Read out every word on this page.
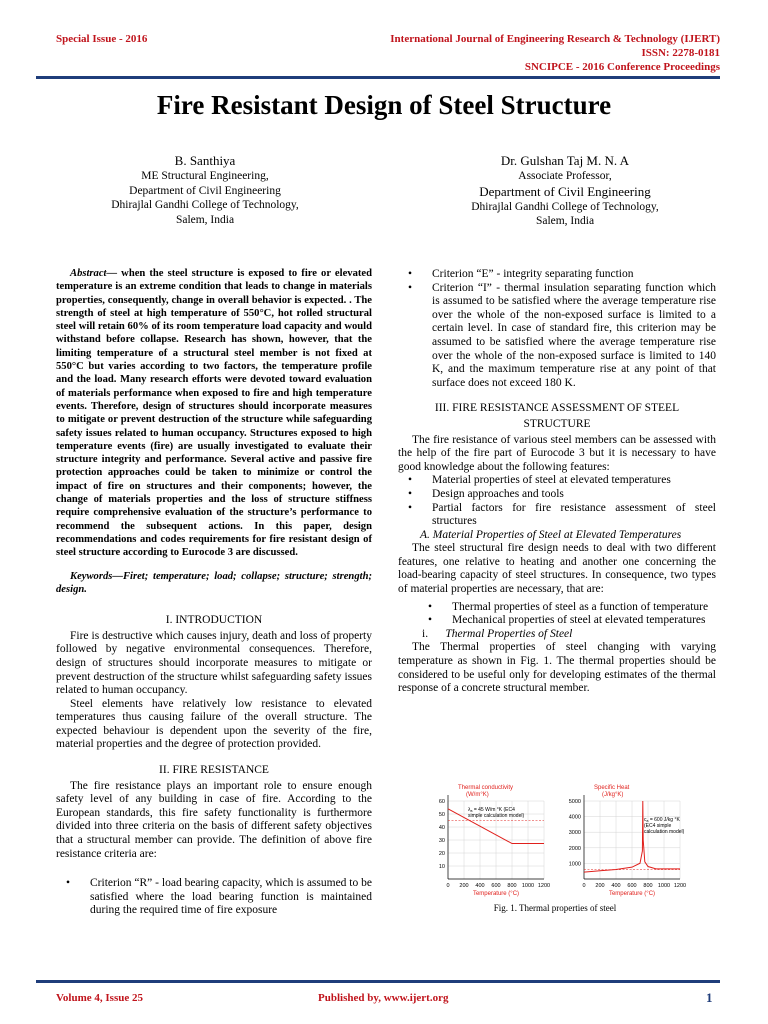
Special Issue - 2016	International Journal of Engineering Research & Technology (IJERT)
ISSN: 2278-0181
SNCIPCE - 2016 Conference Proceedings
Fire Resistant Design of Steel Structure
B. Santhiya
ME Structural Engineering,
Department of Civil Engineering
Dhirajlal Gandhi College of Technology,
Salem, India
Dr. Gulshan Taj M. N. A
Associate Professor,
Department of Civil Engineering
Dhirajlal Gandhi College of Technology,
Salem, India

Abstract— when the steel structure is exposed to fire or elevated temperature is an extreme condition that leads to change in materials properties, consequently, change in overall behavior is expected. . The strength of steel at high temperature of 550°C, hot rolled structural steel will retain 60% of its room temperature load capacity and would withstand before collapse. Research has shown, however, that the limiting temperature of a structural steel member is not fixed at 550°C but varies according to two factors, the temperature profile and the load. Many research efforts were devoted toward evaluation of materials performance when exposed to fire and high temperature events. Therefore, design of structures should incorporate measures to mitigate or prevent destruction of the structure while safeguarding safety issues related to human occupancy. Structures exposed to high temperature events (fire) are usually investigated to evaluate their structure integrity and performance. Several active and passive fire protection approaches could be taken to minimize or control the impact of fire on structures and their components; however, the change of materials properties and the loss of structure stiffness require comprehensive evaluation of the structure’s performance to recommend the subsequent actions. In this paper, design recommendations and codes requirements for fire resistant design of steel structure according to Eurocode 3 are discussed.

Keywords—Firet; temperature; load; collapse; structure; strength; design.

I. INTRODUCTION

Fire is destructive which causes injury, death and loss of property followed by negative environmental consequences. Therefore, design of structures should incorporate measures to mitigate or prevent destruction of the structure whilst safeguarding safety issues related to human occupancy.

Steel elements have relatively low resistance to elevated temperatures thus causing failure of the overall structure. The expected behaviour is dependent upon the severity of the fire, material properties and the degree of protection provided.

II. FIRE RESISTANCE

The fire resistance plays an important role to ensure enough safety level of any building in case of fire. According to the European standards, this fire safety functionality is furthermore divided into three criteria on the basis of different safety objectives that a structural member can provide. The definition of above fire resistance criteria are:

• Criterion “R” - load bearing capacity, which is assumed to be satisfied where the load bearing function is maintained during the required time of fire exposure
• Criterion “E” - integrity separating function
• Criterion “I” - thermal insulation separating function which is assumed to be satisfied where the average temperature rise over the whole of the non-exposed surface is limited to a certain level. In case of standard fire, this criterion may be assumed to be satisfied where the average temperature rise over the whole of the non-exposed surface is limited to 140 K, and the maximum temperature rise at any point of that surface does not exceed 180 K.

III. FIRE RESISTANCE ASSESSMENT OF STEEL

STRUCTURE

The fire resistance of various steel members can be assessed with the help of the fire part of Eurocode 3 but it is necessary to have good knowledge about the following features:

• Material properties of steel at elevated temperatures
• Design approaches and tools
• Partial factors for fire resistance assessment of steel structures

A. Material Properties of Steel at Elevated Temperatures

The steel structural fire design needs to deal with two different features, one relative to heating and another one concerning the load-bearing capacity of steel structures. In consequence, two types of material properties are necessary, that are:

• Thermal properties of steel as a function of temperature
• Mechanical properties of steel at elevated temperatures

i. Thermal Properties of Steel

The Thermal properties of steel changing with varying temperature as shown in Fig. 1. The thermal properties should be considered to be useful only for developing estimates of the thermal response of a concrete structural member.

10
20
30
40
50
60
0 200 400 600 800 1000 1200
Thermal conductivity
(W/m°K)
Temperature (°C)
1000
2000
3000
4000
5000
0 200 400 600 800 1000 1200
Specific Heat
(J/kg°K)
Temperature (°C)
$\lambda_a = 45$ W/m °K (EC4
simple calculation model)
$c_a = 600$ J/kg °K
(EC4 simple
calculation model)
Fig. 1. Thermal properties of steel
Volume 4, Issue 25	Published by, www.ijert.org	1
